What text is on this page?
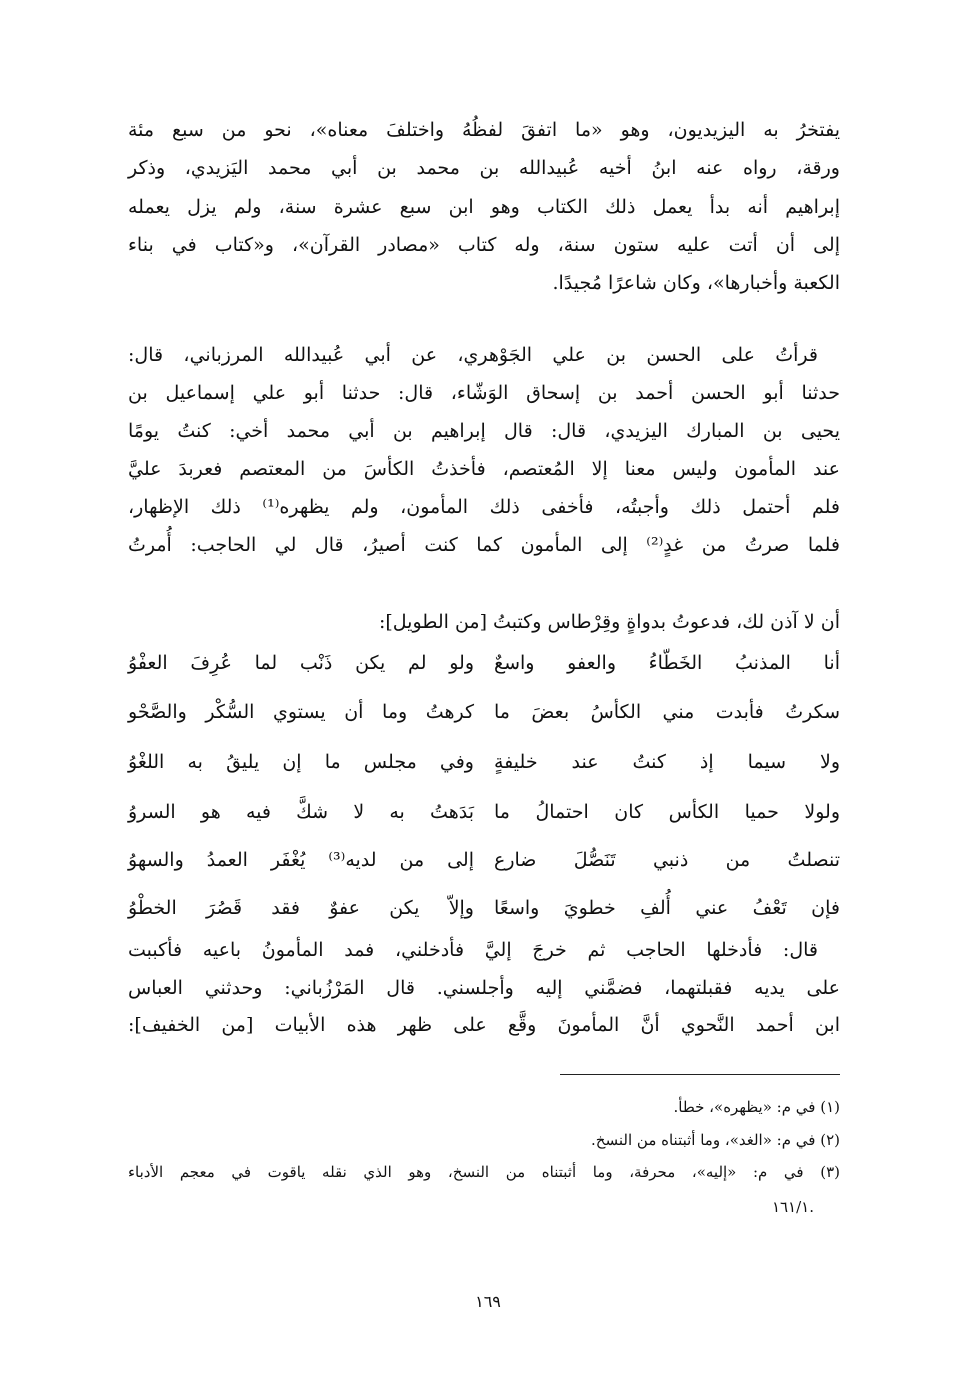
يفتخرُ به اليزيديون، وهو «ما اتفقَ لفظُهُ واختلفَ معناه»، نحو من سبع مئة
ورقة، رواه عنه ابنُ أخيه عُبيدالله بن محمد بن أبي محمد اليَزيدي، وذكر
إبراهيم أنه بدأ يعمل ذلك الكتاب وهو ابن سبع عشرة سنة، ولم يزل يعمله
إلى أن أتت عليه ستون سنة، وله كتاب «مصادر القرآن»، و«كتاب في بناء
الكعبة وأخبارها»، وكان شاعرًا مُجيدًا.
قرأتُ على الحسن بن علي الجَوْهري، عن أبي عُبيدالله المرزباني، قال:
حدثنا أبو الحسن أحمد بن إسحاق الوَشّاء، قال: حدثنا أبو علي إسماعيل بن
يحيى بن المبارك اليزيدي، قال: قال إبراهيم بن أبي محمد أخي: كنتُ يومًا
عند المأمون وليس معنا إلا المُعتصم، فأخذتُ الكأسَ من المعتصم فعربدَ عليَّ
فلم أحتمل ذلك وأجبتُه، فأخفى ذلك المأمون، ولم يظهره⁽¹⁾ ذلك الإظهار،
فلما صرتُ من غدٍ⁽²⁾ إلى المأمون كما كنت أصيرُ، قال لي الحاجب: أُمرتُ
أن لا آذن لك، فدعوتُ بدواةٍ وقِرْطاس وكتبتُ [من الطويل]:
أنا المذنبُ الخَطّاءُ والعفو واسعٌ
ولو لم يكن ذَنْب لما عُرِفَ العفْوُ
سكرتُ فأبدت مني الكأسُ بعضَ ما
كرهتُ وما أن يستوي السُّكْر والصَّحْو
ولا سيما إذ كنتُ عند خليفةٍ
وفي مجلس ما إن يليقُ به اللغْوُ
ولولا حميا الكأس كان احتمالُ ما
بَدَهتُ به لا شكَّ فيه هو السروُ
تنصلتُ من ذنبي تَنَصُّلَ ضارع
إلى من لديه⁽³⁾ يُغْفَر العمدُ والسهوُ
فإن تَعْفُ عني أُلفِ خطويَ واسعًا
وإلاّ يكن عفوٌ فقد قَصُرَ الخطْوُ
قال: فأدخلها الحاجب ثم خرجَ إليَّ فأدخلني، فمد المأمونُ باعيه فأكببت
على يديه فقبلتهما، فضمَّني إليه وأجلسني. قال المَرْزُباني: وحدثني العباس
ابن أحمد النَّحوي أنَّ المأمونَ وقَّع على ظهر هذه الأبيات [من الخفيف]:
(١) في م: «يظهره»، خطأ.
(٢) في م: «الغد»، وما أثبتناه من النسخ.
(٣) في م: «إليه»، محرفة، وما أثبتناه من النسخ، وهو الذي نقله ياقوت في معجم الأدباء
.١٦١/١
١٦٩
